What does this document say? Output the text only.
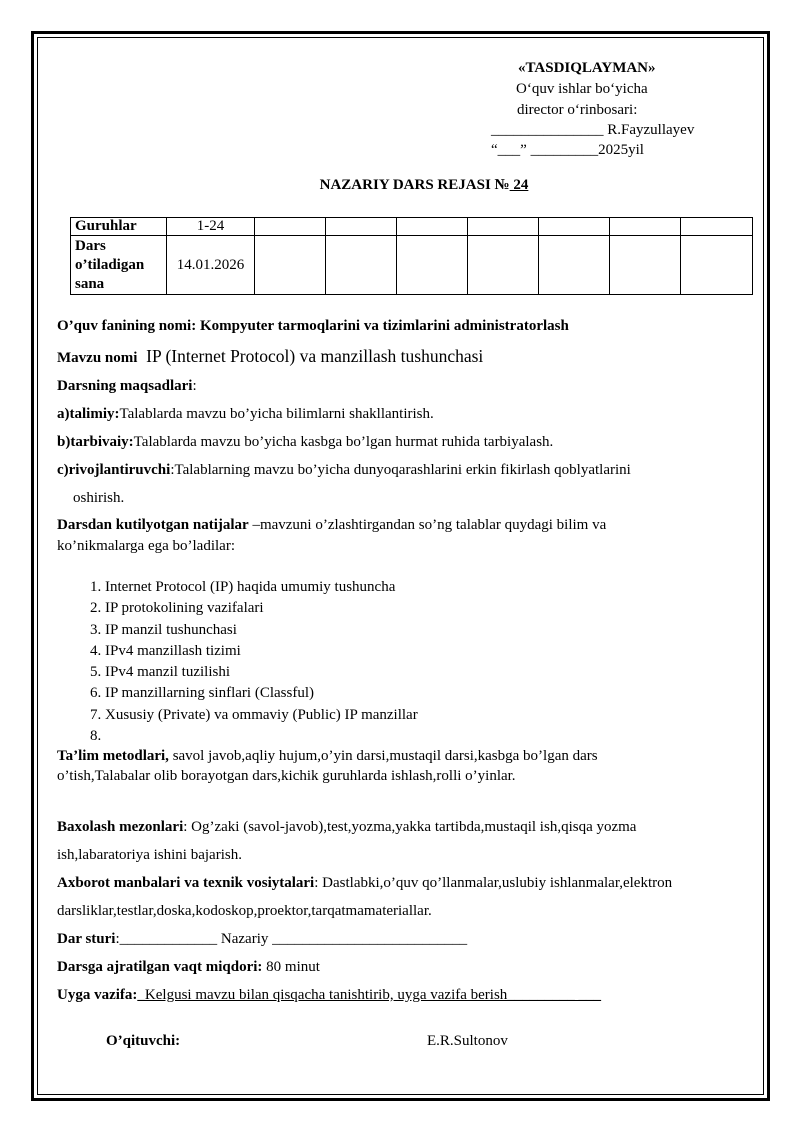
«TASDIQLAYMAN»
O‘quv ishlar bo‘yicha
director o‘rinbosari:
_______________ R.Fayzullayev
“___” _________2025yil
NAZARIY DARS REJASI № 24
Guruhlar	1-24							
Dars o’tiladigan sana	14.01.2026							
O’quv fanining nomi: Kompyuter tarmoqlarini va tizimlarini administratorlash
Mavzu nomi  IP (Internet Protocol) va manzillash tushunchasi
Darsning maqsadlari:
a)talimiy:Talablarda mavzu bo’yicha bilimlarni shakllantirish.
b)tarbivaiy:Talablarda mavzu bo’yicha kasbga bo’lgan hurmat ruhida tarbiyalash.
c)rivojlantiruvchi:Talablarning mavzu bo’yicha dunyoqarashlarini erkin fikirlash qoblyatlarini
oshirish.
Darsdan kutilyotgan natijalar –mavzuni o’zlashtirgandan so’ng talablar quydagi bilim va
ko’nikmalarga ega bo’ladilar:
1. Internet Protocol (IP) haqida umumiy tushuncha
2. IP protokolining vazifalari
3. IP manzil tushunchasi
4. IPv4 manzillash tizimi
5. IPv4 manzil tuzilishi
6. IP manzillarning sinflari (Classful)
7. Xususiy (Private) va ommaviy (Public) IP manzillar
8.
Ta’lim metodlari, savol javob,aqliy hujum,o’yin darsi,mustaqil darsi,kasbga bo’lgan dars
o’tish,Talabalar olib borayotgan dars,kichik guruhlarda ishlash,rolli o’yinlar.
Baxolash mezonlari: Og’zaki (savol-javob),test,yozma,yakka tartibda,mustaqil ish,qisqa yozma
ish,labaratoriya ishini bajarish.
Axborot manbalari va texnik vosiytalari: Dastlabki,o’quv qo’llanmalar,uslubiy ishlanmalar,elektron
darsliklar,testlar,doska,kodoskop,proektor,tarqatmamateriallar.
Dar sturi:_____________ Nazariy __________________________
Darsga ajratilgan vaqt miqdori: 80 minut
Uyga vazifa:_Kelgusi mavzu bilan qisqacha tanishtirib, uyga vazifa berish_________ ___
O’qituvchi:	E.R.Sultonov
